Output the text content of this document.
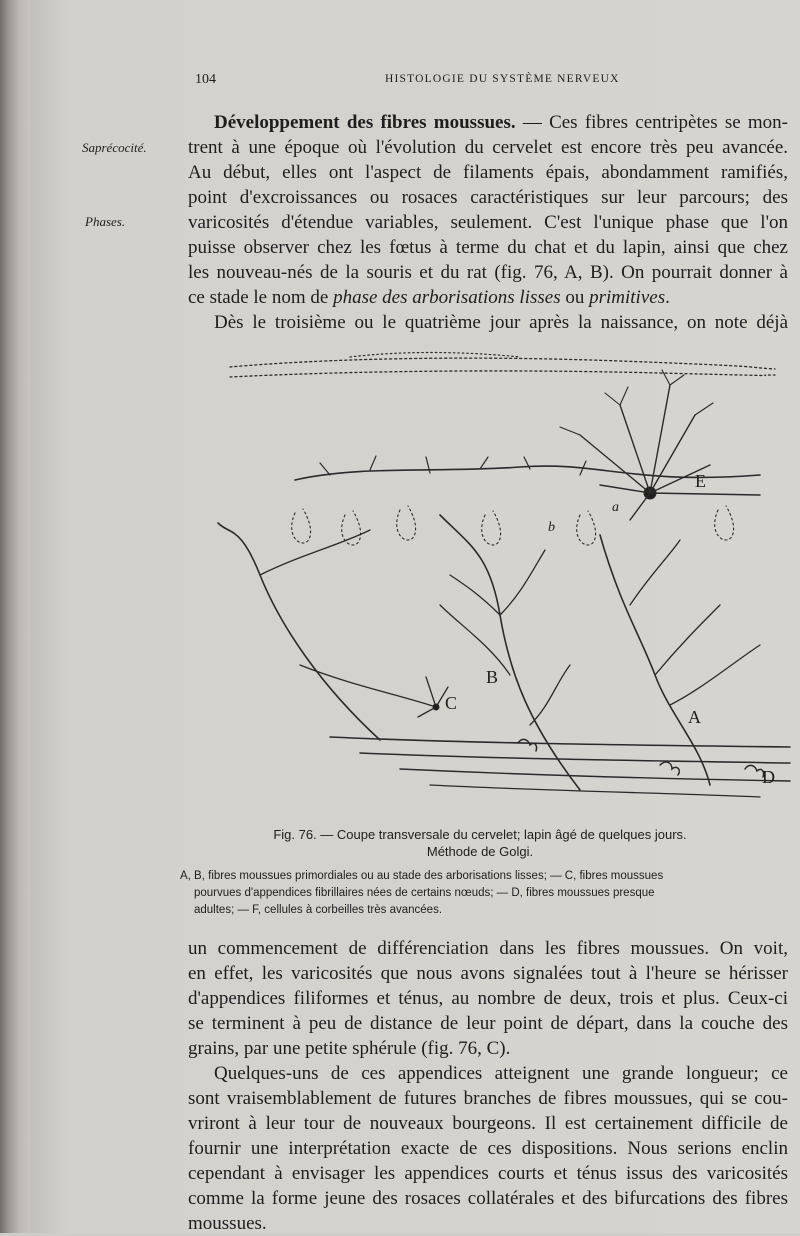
104	HISTOLOGIE DU SYSTÈME NERVEUX
Saprécocité.
Phases.
Développement des fibres moussues. — Ces fibres centripètes se mon-
trent à une époque où l'évolution du cervelet est encore très peu avancée.
Au début, elles ont l'aspect de filaments épais, abondamment ramifiés,
point d'excroissances ou rosaces caractéristiques sur leur parcours; des
varicosités d'étendue variables, seulement. C'est l'unique phase que l'on
puisse observer chez les fœtus à terme du chat et du lapin, ainsi que chez
les nouveau-nés de la souris et du rat (fig. 76, A, B). On pourrait donner à
ce stade le nom de phase des arborisations lisses ou primitives.
Dès le troisième ou le quatrième jour après la naissance, on note déjà
E
a
b
B
C
A
D
Fig. 76. — Coupe transversale du cervelet; lapin âgé de quelques jours.
Méthode de Golgi.
A, B, fibres moussues primordiales ou au stade des arborisations lisses; — C, fibres moussues
pourvues d'appendices fibrillaires nées de certains nœuds; — D, fibres moussues presque
adultes; — F, cellules à corbeilles très avancées.
un commencement de différenciation dans les fibres moussues. On voit,
en effet, les varicosités que nous avons signalées tout à l'heure se hérisser
d'appendices filiformes et ténus, au nombre de deux, trois et plus. Ceux-ci
se terminent à peu de distance de leur point de départ, dans la couche des
grains, par une petite sphérule (fig. 76, C).
Quelques-uns de ces appendices atteignent une grande longueur; ce
sont vraisemblablement de futures branches de fibres moussues, qui se cou-
vriront à leur tour de nouveaux bourgeons. Il est certainement difficile de
fournir une interprétation exacte de ces dispositions. Nous serions enclin
cependant à envisager les appendices courts et ténus issus des varicosités
comme la forme jeune des rosaces collatérales et des bifurcations des fibres
moussues.
